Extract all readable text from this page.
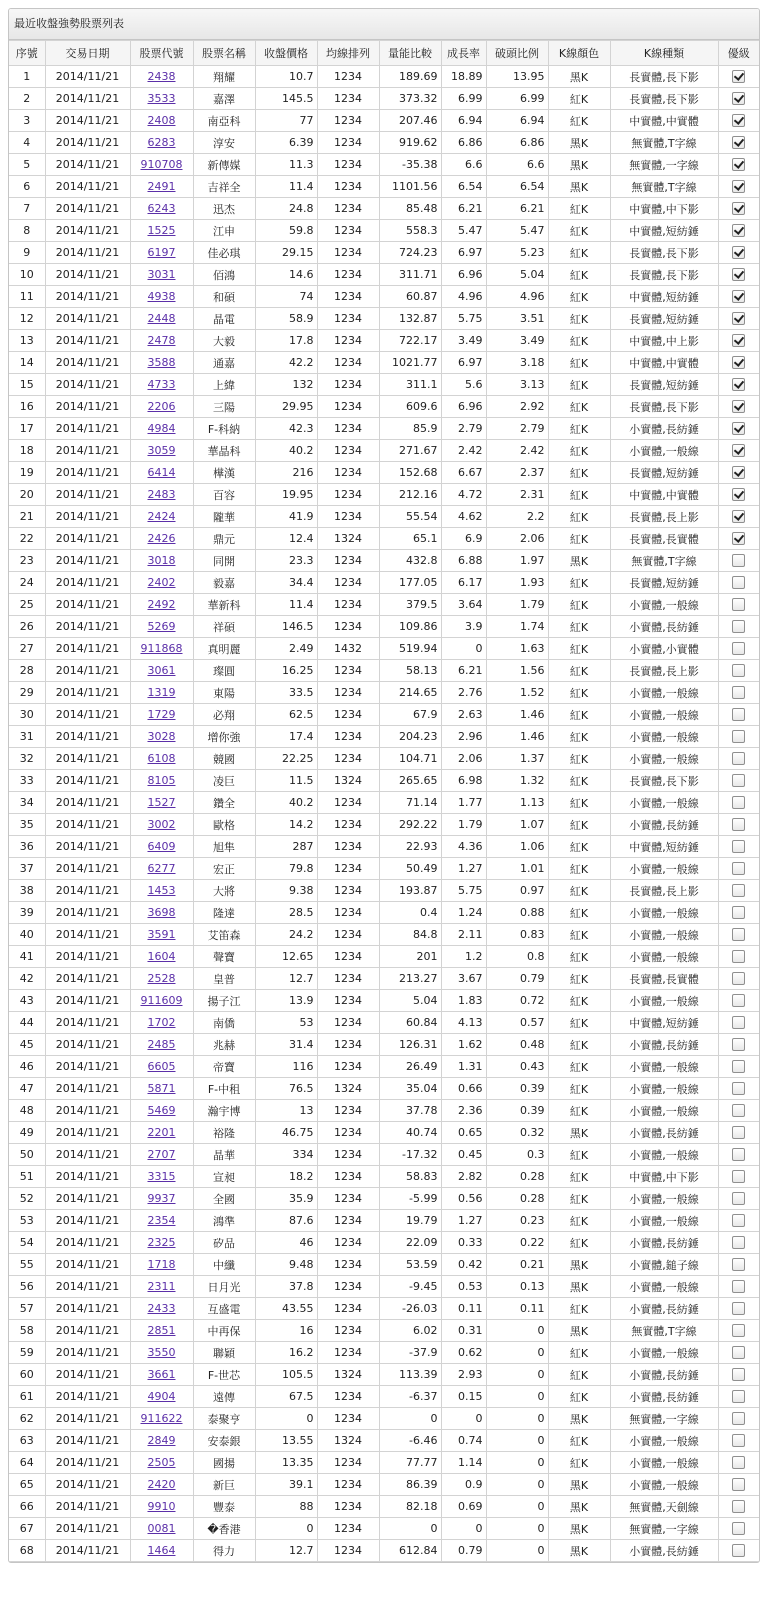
最近收盤強勢股票列表
序號	交易日期	股票代號	股票名稱	收盤價格	均線排列	量能比較	成長率	破頭比例	K線顏色	K線種類	優級
1	2014/11/21	2438	翔耀	10.7	1234	189.69	18.89	13.95	黑K	長實體,長下影	
2	2014/11/21	3533	嘉澤	145.5	1234	373.32	6.99	6.99	紅K	長實體,長下影	
3	2014/11/21	2408	南亞科	77	1234	207.46	6.94	6.94	紅K	中實體,中實體	
4	2014/11/21	6283	淳安	6.39	1234	919.62	6.86	6.86	黑K	無實體,T字線	
5	2014/11/21	910708	新傳媒	11.3	1234	-35.38	6.6	6.6	黑K	無實體,一字線	
6	2014/11/21	2491	吉祥全	11.4	1234	1101.56	6.54	6.54	黑K	無實體,T字線	
7	2014/11/21	6243	迅杰	24.8	1234	85.48	6.21	6.21	紅K	中實體,中下影	
8	2014/11/21	1525	江申	59.8	1234	558.3	5.47	5.47	紅K	中實體,短紡錘	
9	2014/11/21	6197	佳必琪	29.15	1234	724.23	6.97	5.23	紅K	長實體,長下影	
10	2014/11/21	3031	佰鴻	14.6	1234	311.71	6.96	5.04	紅K	長實體,長下影	
11	2014/11/21	4938	和碩	74	1234	60.87	4.96	4.96	紅K	中實體,短紡錘	
12	2014/11/21	2448	晶電	58.9	1234	132.87	5.75	3.51	紅K	長實體,短紡錘	
13	2014/11/21	2478	大毅	17.8	1234	722.17	3.49	3.49	紅K	中實體,中上影	
14	2014/11/21	3588	通嘉	42.2	1234	1021.77	6.97	3.18	紅K	中實體,中實體	
15	2014/11/21	4733	上緯	132	1234	311.1	5.6	3.13	紅K	長實體,短紡錘	
16	2014/11/21	2206	三陽	29.95	1234	609.6	6.96	2.92	紅K	長實體,長下影	
17	2014/11/21	4984	F-科納	42.3	1234	85.9	2.79	2.79	紅K	小實體,長紡錘	
18	2014/11/21	3059	華晶科	40.2	1234	271.67	2.42	2.42	紅K	小實體,一般線	
19	2014/11/21	6414	樺漢	216	1234	152.68	6.67	2.37	紅K	長實體,短紡錘	
20	2014/11/21	2483	百容	19.95	1234	212.16	4.72	2.31	紅K	中實體,中實體	
21	2014/11/21	2424	隴華	41.9	1234	55.54	4.62	2.2	紅K	長實體,長上影	
22	2014/11/21	2426	鼎元	12.4	1324	65.1	6.9	2.06	紅K	長實體,長實體	
23	2014/11/21	3018	同開	23.3	1234	432.8	6.88	1.97	黑K	無實體,T字線	
24	2014/11/21	2402	毅嘉	34.4	1234	177.05	6.17	1.93	紅K	長實體,短紡錘	
25	2014/11/21	2492	華新科	11.4	1234	379.5	3.64	1.79	紅K	小實體,一般線	
26	2014/11/21	5269	祥碩	146.5	1234	109.86	3.9	1.74	紅K	小實體,長紡錘	
27	2014/11/21	911868	真明麗	2.49	1432	519.94	0	1.63	紅K	小實體,小實體	
28	2014/11/21	3061	璨圓	16.25	1234	58.13	6.21	1.56	紅K	長實體,長上影	
29	2014/11/21	1319	東陽	33.5	1234	214.65	2.76	1.52	紅K	小實體,一般線	
30	2014/11/21	1729	必翔	62.5	1234	67.9	2.63	1.46	紅K	小實體,一般線	
31	2014/11/21	3028	增你強	17.4	1234	204.23	2.96	1.46	紅K	小實體,一般線	
32	2014/11/21	6108	競國	22.25	1234	104.71	2.06	1.37	紅K	小實體,一般線	
33	2014/11/21	8105	凌巨	11.5	1324	265.65	6.98	1.32	紅K	長實體,長下影	
34	2014/11/21	1527	鑽全	40.2	1234	71.14	1.77	1.13	紅K	小實體,一般線	
35	2014/11/21	3002	歐格	14.2	1234	292.22	1.79	1.07	紅K	小實體,長紡錘	
36	2014/11/21	6409	旭隼	287	1234	22.93	4.36	1.06	紅K	中實體,短紡錘	
37	2014/11/21	6277	宏正	79.8	1234	50.49	1.27	1.01	紅K	小實體,一般線	
38	2014/11/21	1453	大將	9.38	1234	193.87	5.75	0.97	紅K	長實體,長上影	
39	2014/11/21	3698	隆達	28.5	1234	0.4	1.24	0.88	紅K	小實體,一般線	
40	2014/11/21	3591	艾笛森	24.2	1234	84.8	2.11	0.83	紅K	小實體,一般線	
41	2014/11/21	1604	聲寶	12.65	1234	201	1.2	0.8	紅K	小實體,一般線	
42	2014/11/21	2528	皇普	12.7	1234	213.27	3.67	0.79	紅K	長實體,長實體	
43	2014/11/21	911609	揚子江	13.9	1234	5.04	1.83	0.72	紅K	小實體,一般線	
44	2014/11/21	1702	南僑	53	1234	60.84	4.13	0.57	紅K	中實體,短紡錘	
45	2014/11/21	2485	兆赫	31.4	1234	126.31	1.62	0.48	紅K	小實體,長紡錘	
46	2014/11/21	6605	帝寶	116	1234	26.49	1.31	0.43	紅K	小實體,一般線	
47	2014/11/21	5871	F-中租	76.5	1324	35.04	0.66	0.39	紅K	小實體,一般線	
48	2014/11/21	5469	瀚宇博	13	1234	37.78	2.36	0.39	紅K	小實體,一般線	
49	2014/11/21	2201	裕隆	46.75	1234	40.74	0.65	0.32	黑K	小實體,長紡錘	
50	2014/11/21	2707	晶華	334	1234	-17.32	0.45	0.3	紅K	小實體,一般線	
51	2014/11/21	3315	宣昶	18.2	1234	58.83	2.82	0.28	紅K	中實體,中下影	
52	2014/11/21	9937	全國	35.9	1234	-5.99	0.56	0.28	紅K	小實體,一般線	
53	2014/11/21	2354	鴻準	87.6	1234	19.79	1.27	0.23	紅K	小實體,一般線	
54	2014/11/21	2325	矽品	46	1234	22.09	0.33	0.22	紅K	小實體,長紡錘	
55	2014/11/21	1718	中纖	9.48	1234	53.59	0.42	0.21	黑K	小實體,鎚子線	
56	2014/11/21	2311	日月光	37.8	1234	-9.45	0.53	0.13	黑K	小實體,一般線	
57	2014/11/21	2433	互盛電	43.55	1234	-26.03	0.11	0.11	紅K	小實體,長紡錘	
58	2014/11/21	2851	中再保	16	1234	6.02	0.31	0	黑K	無實體,T字線	
59	2014/11/21	3550	聯穎	16.2	1234	-37.9	0.62	0	紅K	小實體,一般線	
60	2014/11/21	3661	F-世芯	105.5	1324	113.39	2.93	0	紅K	小實體,長紡錘	
61	2014/11/21	4904	遠傳	67.5	1234	-6.37	0.15	0	紅K	小實體,長紡錘	
62	2014/11/21	911622	泰聚亨	0	1234	0	0	0	黑K	無實體,一字線	
63	2014/11/21	2849	安泰銀	13.55	1324	-6.46	0.74	0	紅K	小實體,一般線	
64	2014/11/21	2505	國揚	13.35	1234	77.77	1.14	0	紅K	小實體,一般線	
65	2014/11/21	2420	新巨	39.1	1234	86.39	0.9	0	黑K	小實體,一般線	
66	2014/11/21	9910	豐泰	88	1234	82.18	0.69	0	黑K	無實體,天劍線	
67	2014/11/21	0081	�香港	0	1234	0	0	0	黑K	無實體,一字線	
68	2014/11/21	1464	得力	12.7	1234	612.84	0.79	0	黑K	小實體,長紡錘	
